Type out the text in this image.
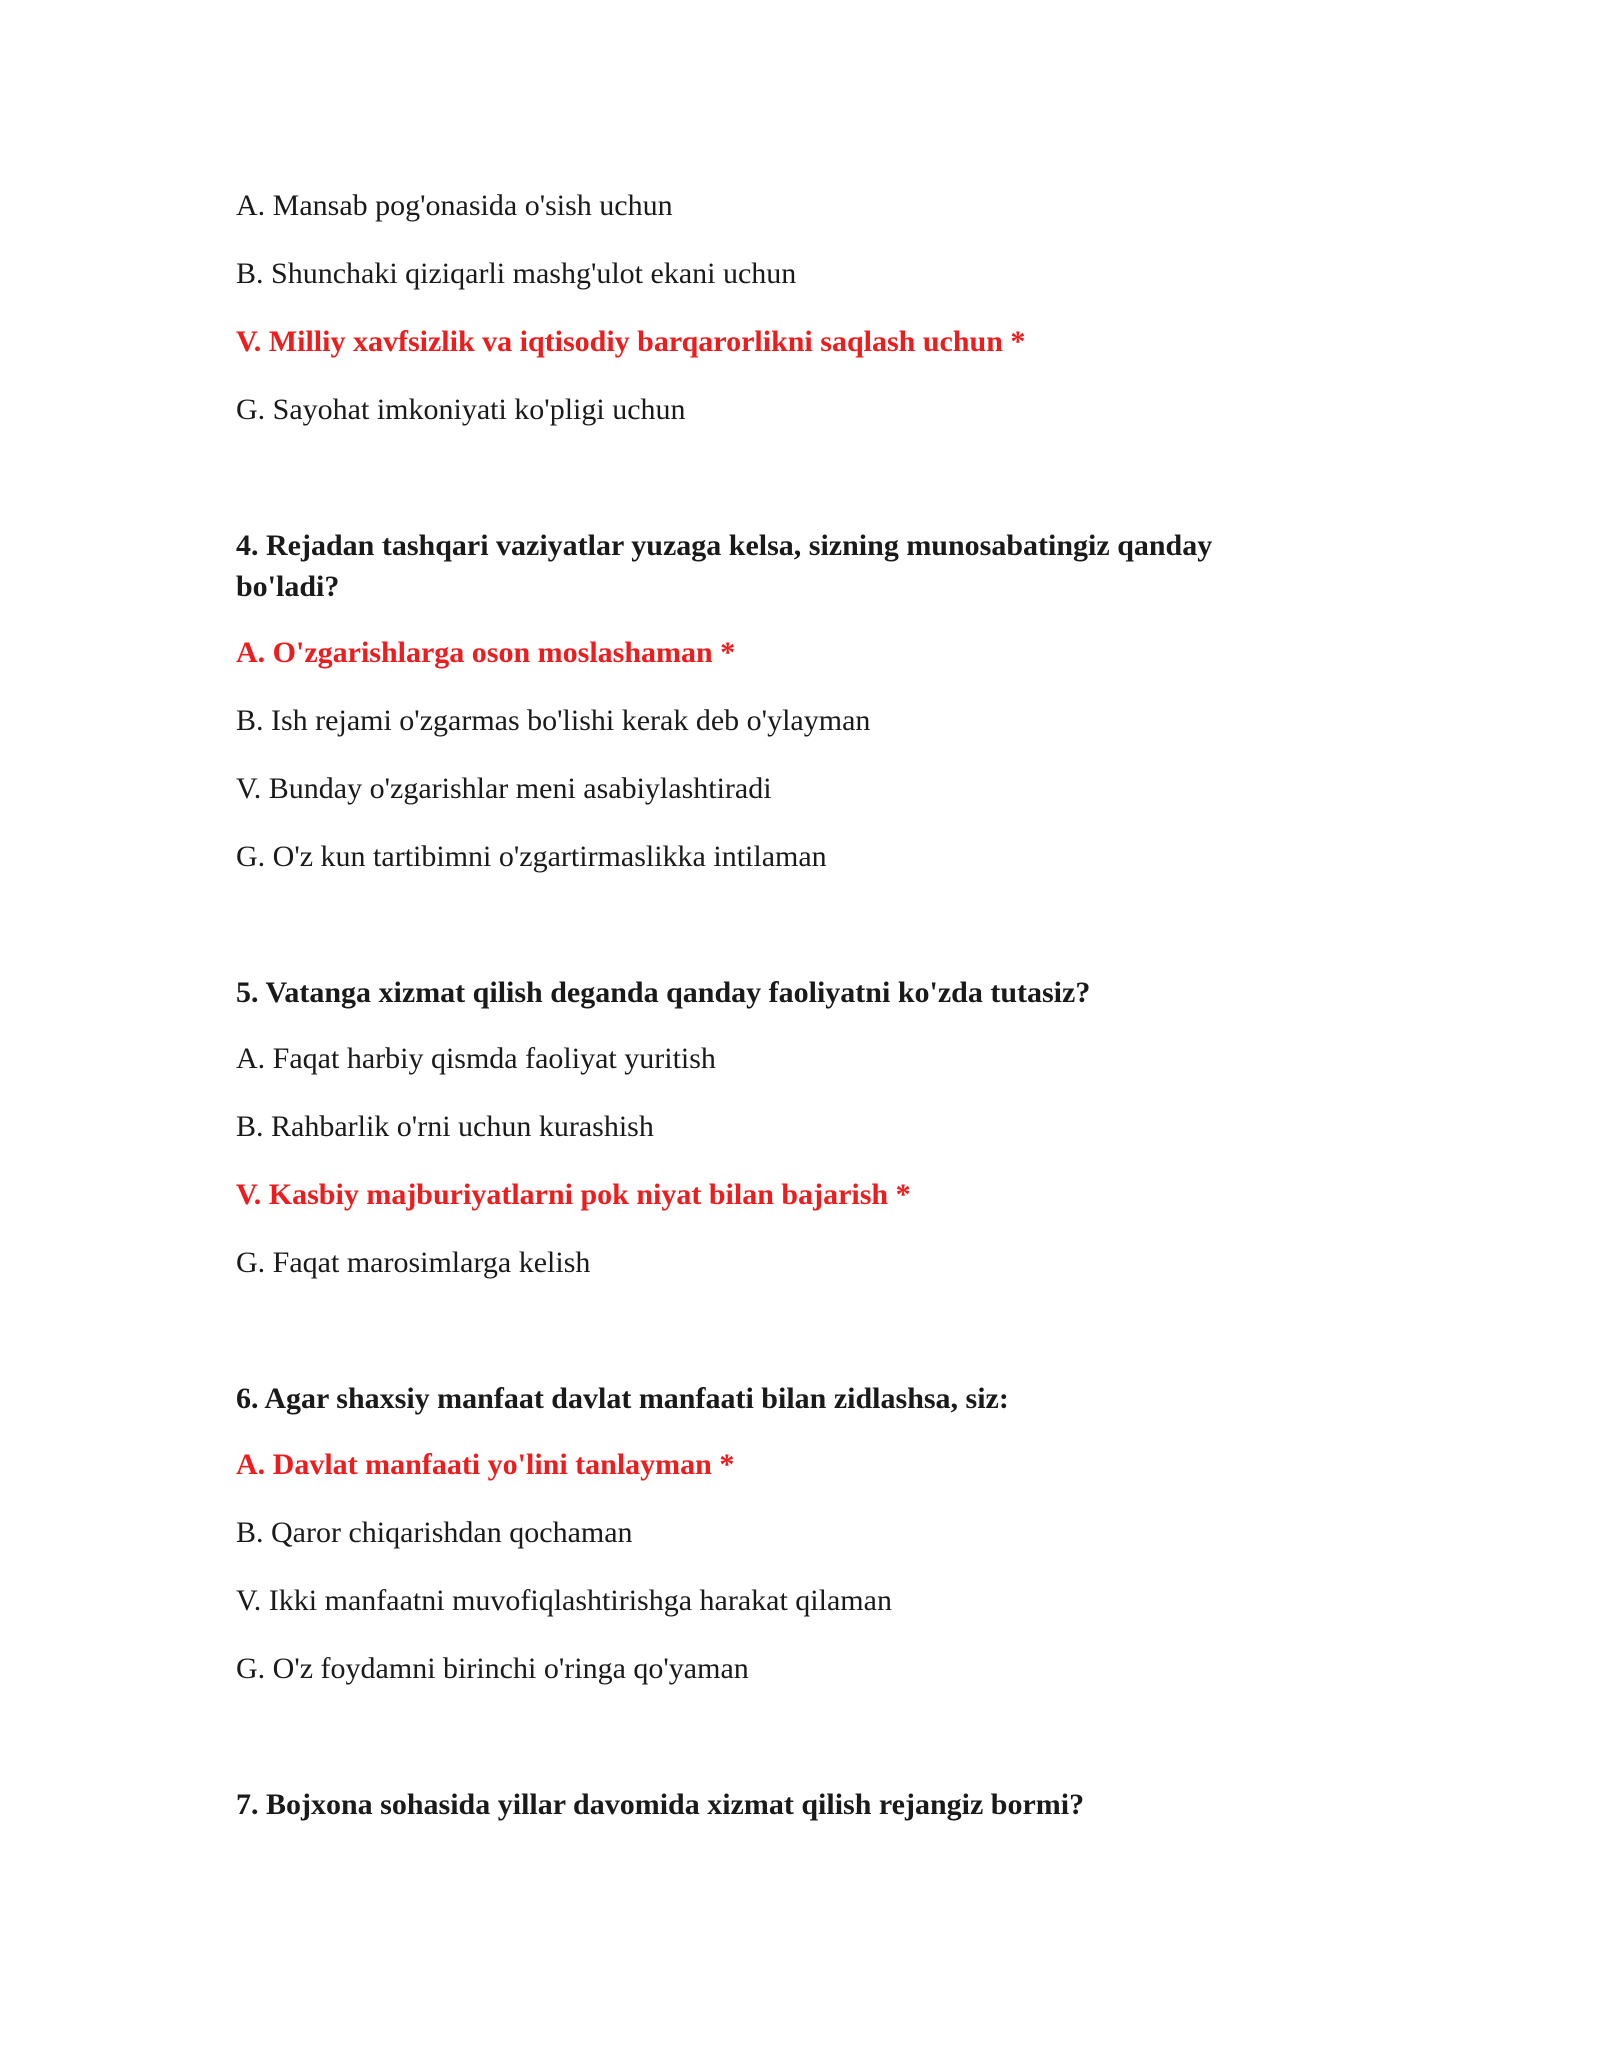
A. Mansab pog'onasida o'sish uchun

B. Shunchaki qiziqarli mashg'ulot ekani uchun

V. Milliy xavfsizlik va iqtisodiy barqarorlikni saqlash uchun *

G. Sayohat imkoniyati ko'pligi uchun

4. Rejadan tashqari vaziyatlar yuzaga kelsa, sizning munosabatingiz qanday bo'ladi?

A. O'zgarishlarga oson moslashaman *

B. Ish rejami o'zgarmas bo'lishi kerak deb o'ylayman

V. Bunday o'zgarishlar meni asabiylashtiradi

G. O'z kun tartibimni o'zgartirmaslikka intilaman

5. Vatanga xizmat qilish deganda qanday faoliyatni ko'zda tutasiz?

A. Faqat harbiy qismda faoliyat yuritish

B. Rahbarlik o'rni uchun kurashish

V. Kasbiy majburiyatlarni pok niyat bilan bajarish *

G. Faqat marosimlarga kelish

6. Agar shaxsiy manfaat davlat manfaati bilan zidlashsa, siz:

A. Davlat manfaati yo'lini tanlayman *

B. Qaror chiqarishdan qochaman

V. Ikki manfaatni muvofiqlashtirishga harakat qilaman

G. O'z foydamni birinchi o'ringa qo'yaman

7. Bojxona sohasida yillar davomida xizmat qilish rejangiz bormi?
